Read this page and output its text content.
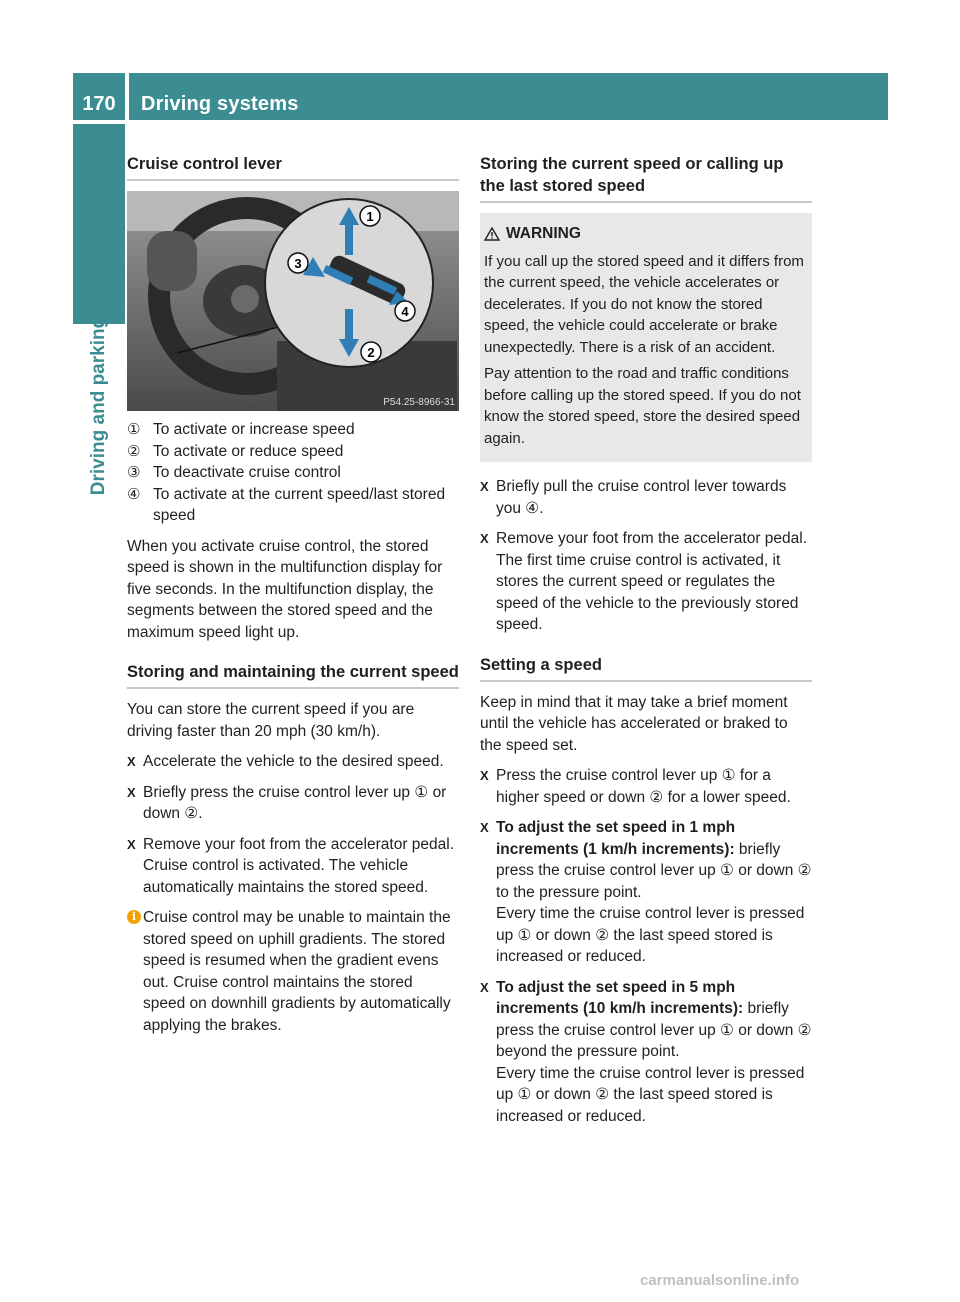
170	Driving systems
Driving and parking
Cruise control lever
1
2
3
4
P54.25-8966-31
① To activate or increase speed
② To activate or reduce speed
③ To deactivate cruise control
④ To activate at the current speed/last stored speed

When you activate cruise control, the stored speed is shown in the multifunction display for five seconds. In the multifunction display, the segments between the stored speed and the maximum speed light up.

Storing and maintaining the current speed

You can store the current speed if you are driving faster than 20 mph (30 km/h).

X Accelerate the vehicle to the desired speed.
X Briefly press the cruise control lever up ① or down ②.
X Remove your foot from the accelerator pedal.
Cruise control is activated. The vehicle automatically maintains the stored speed.
i Cruise control may be unable to maintain the stored speed on uphill gradients. The stored speed is resumed when the gradient evens out. Cruise control maintains the stored speed on downhill gradients by automatically applying the brakes.
Storing the current speed or calling up the last stored speed
WARNING

If you call up the stored speed and it differs from the current speed, the vehicle accelerates or decelerates. If you do not know the stored speed, the vehicle could accelerate or brake unexpectedly. There is a risk of an accident.

Pay attention to the road and traffic conditions before calling up the stored speed. If you do not know the stored speed, store the desired speed again.

X Briefly pull the cruise control lever towards you ④.
X Remove your foot from the accelerator pedal.
The first time cruise control is activated, it stores the current speed or regulates the speed of the vehicle to the previously stored speed.
Setting a speed

Keep in mind that it may take a brief moment until the vehicle has accelerated or braked to the speed set.

X Press the cruise control lever up ① for a higher speed or down ② for a lower speed.
X To adjust the set speed in 1 mph increments (1 km/h increments): briefly press the cruise control lever up ① or down ② to the pressure point.
Every time the cruise control lever is pressed up ① or down ② the last speed stored is increased or reduced.
X To adjust the set speed in 5 mph increments (10 km/h increments): briefly press the cruise control lever up ① or down ② beyond the pressure point.
Every time the cruise control lever is pressed up ① or down ② the last speed stored is increased or reduced.
carmanualsonline.info
